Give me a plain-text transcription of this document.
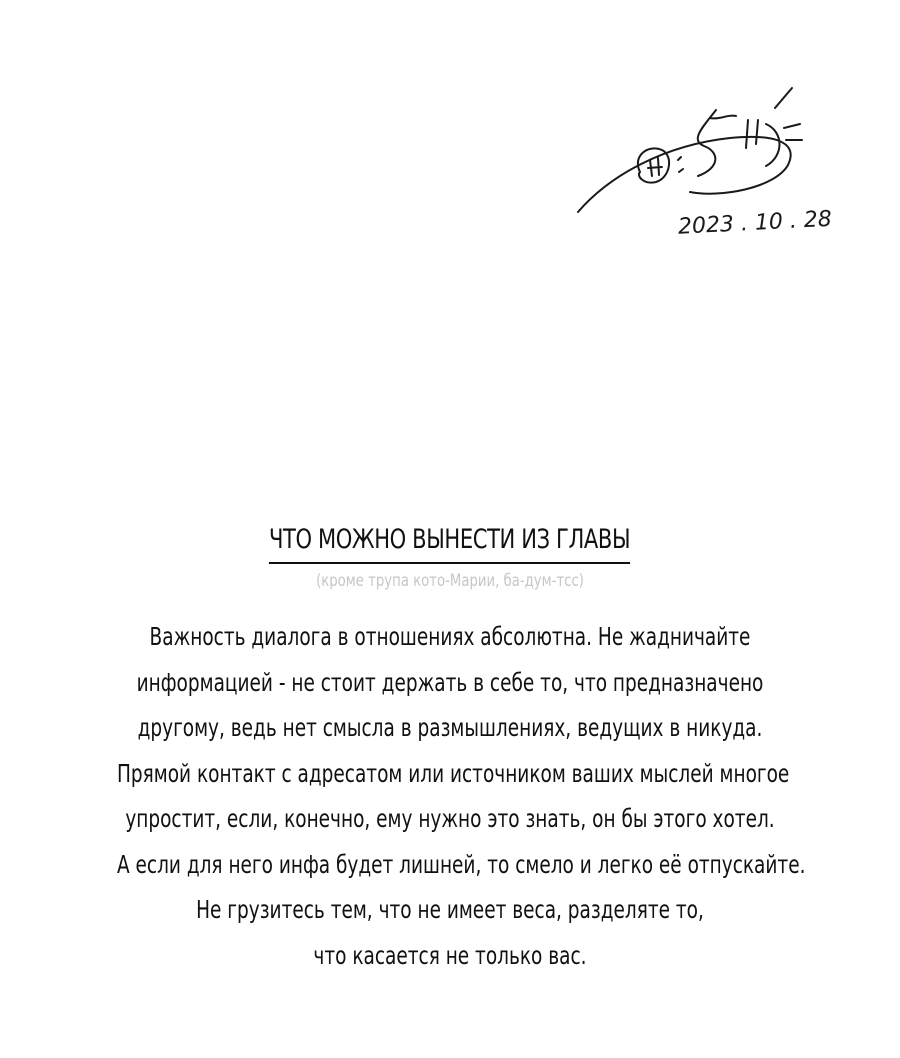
2023 . 10 . 28
ЧТО МОЖНО ВЫНЕСТИ ИЗ ГЛАВЫ
(кроме трупа кото-Марии, ба-дум-тсс)
Важность диалога в отношениях абсолютна. Не жадничайте
информацией - не стоит держать в себе то, что предназначено
другому, ведь нет смысла в размышлениях, ведущих в никуда.
Прямой контакт с адресатом или источником ваших мыслей многое
упростит, если, конечно, ему нужно это знать, он бы этого хотел.
А если для него инфа будет лишней, то смело и легко её отпускайте.
Не грузитесь тем, что не имеет веса, разделяте то,
что касается не только вас.
